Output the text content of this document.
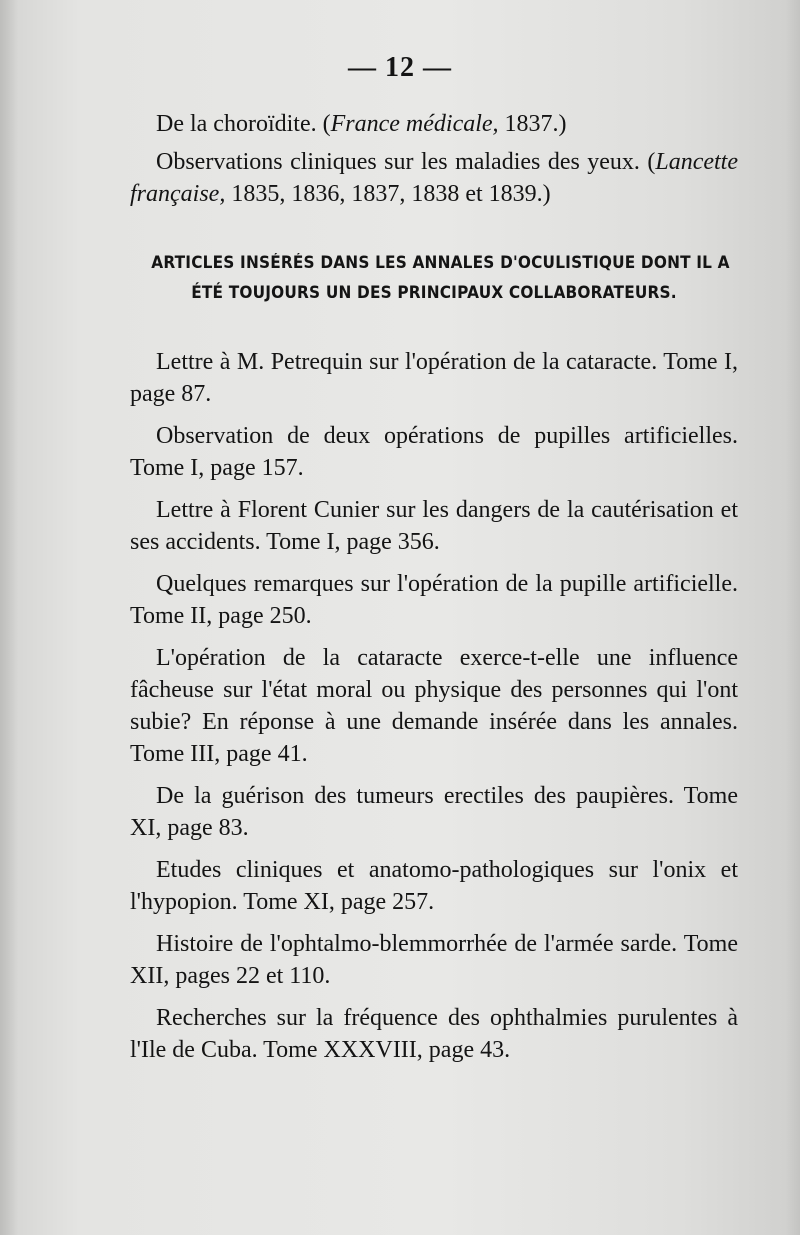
— 12 —

De la choroïdite. (France médicale, 1837.)

Observations cliniques sur les maladies des yeux. (Lancette française, 1835, 1836, 1837, 1838 et 1839.)

ARTICLES INSÉRÉS DANS LES ANNALES D'OCULISTIQUE DONT IL A
ÉTÉ TOUJOURS UN DES PRINCIPAUX COLLABORATEURS.

Lettre à M. Petrequin sur l'opération de la cataracte. Tome I, page 87.

Observation de deux opérations de pupilles artificielles. Tome I, page 157.

Lettre à Florent Cunier sur les dangers de la cautérisation et ses accidents. Tome I, page 356.

Quelques remarques sur l'opération de la pupille artificielle. Tome II, page 250.

L'opération de la cataracte exerce-t-elle une influence fâcheuse sur l'état moral ou physique des personnes qui l'ont subie? En réponse à une demande insérée dans les annales. Tome III, page 41.

De la guérison des tumeurs erectiles des paupières. Tome XI, page 83.

Etudes cliniques et anatomo-pathologiques sur l'onix et l'hypopion. Tome XI, page 257.

Histoire de l'ophtalmo-blemmorrhée de l'armée sarde. Tome XII, pages 22 et 110.

Recherches sur la fréquence des ophthalmies purulentes à l'Ile de Cuba. Tome XXXVIII, page 43.
